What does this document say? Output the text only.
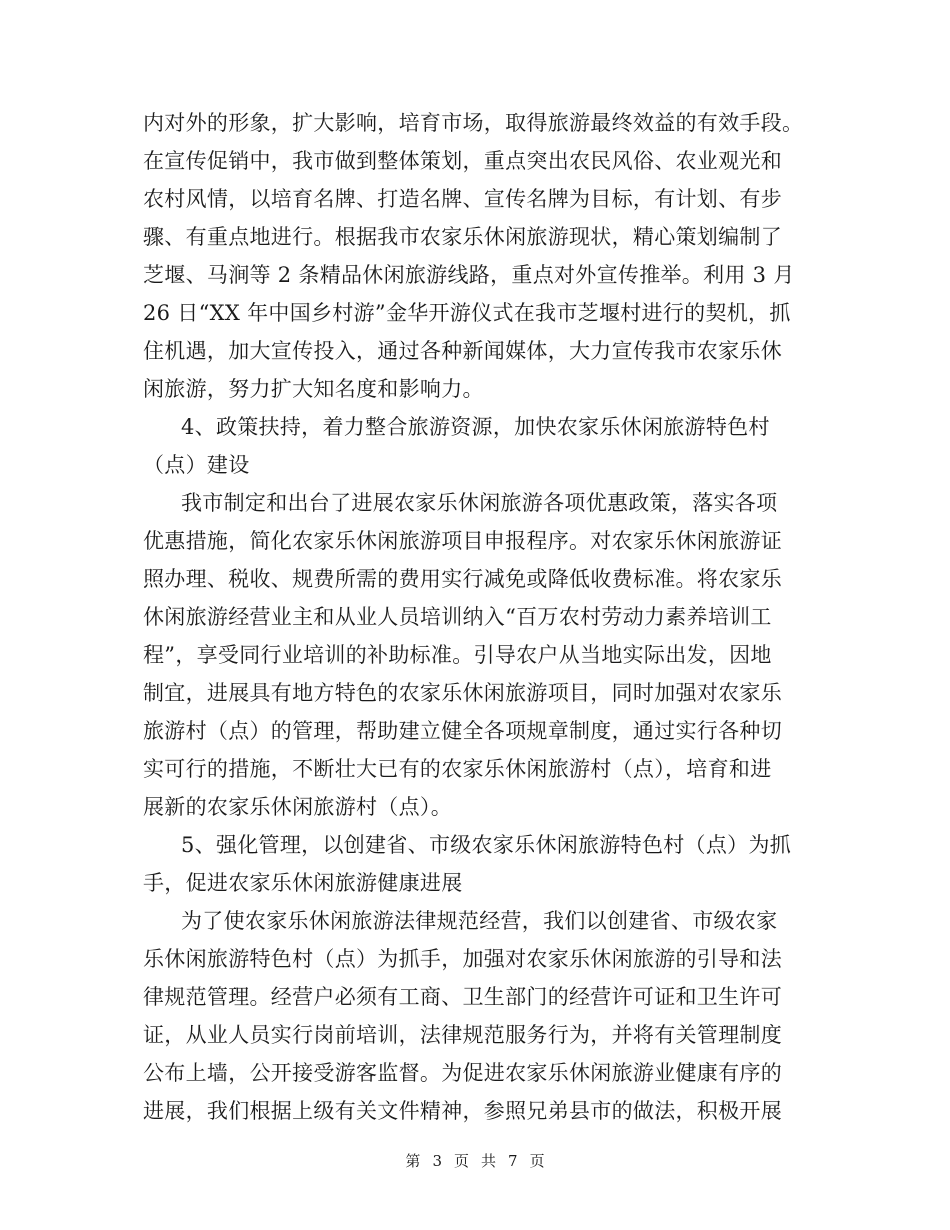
内对外的形象，扩大影响，培育市场，取得旅游最终效益的有效手段。
在宣传促销中，我市做到整体策划，重点突出农民风俗、农业观光和
农村风情，以培育名牌、打造名牌、宣传名牌为目标，有计划、有步
骤、有重点地进行。根据我市农家乐休闲旅游现状，精心策划编制了
芝堰、马涧等 2 条精品休闲旅游线路，重点对外宣传推举。利用 3 月
26 日“XX 年中国乡村游”金华开游仪式在我市芝堰村进行的契机，抓
住机遇，加大宣传投入，通过各种新闻媒体，大力宣传我市农家乐休
闲旅游，努力扩大知名度和影响力。
4、政策扶持，着力整合旅游资源，加快农家乐休闲旅游特色村
（点）建设
我市制定和出台了进展农家乐休闲旅游各项优惠政策，落实各项
优惠措施，简化农家乐休闲旅游项目申报程序。对农家乐休闲旅游证
照办理、税收、规费所需的费用实行减免或降低收费标准。将农家乐
休闲旅游经营业主和从业人员培训纳入“百万农村劳动力素养培训工
程”，享受同行业培训的补助标准。引导农户从当地实际出发，因地
制宜，进展具有地方特色的农家乐休闲旅游项目，同时加强对农家乐
旅游村（点）的管理，帮助建立健全各项规章制度，通过实行各种切
实可行的措施，不断壮大已有的农家乐休闲旅游村（点），培育和进
展新的农家乐休闲旅游村（点）。
5、强化管理，以创建省、市级农家乐休闲旅游特色村（点）为抓
手，促进农家乐休闲旅游健康进展
为了使农家乐休闲旅游法律规范经营，我们以创建省、市级农家
乐休闲旅游特色村（点）为抓手，加强对农家乐休闲旅游的引导和法
律规范管理。经营户必须有工商、卫生部门的经营许可证和卫生许可
证，从业人员实行岗前培训，法律规范服务行为，并将有关管理制度
公布上墙，公开接受游客监督。为促进农家乐休闲旅游业健康有序的
进展，我们根据上级有关文件精神，参照兄弟县市的做法，积极开展
第 3 页 共 7 页
